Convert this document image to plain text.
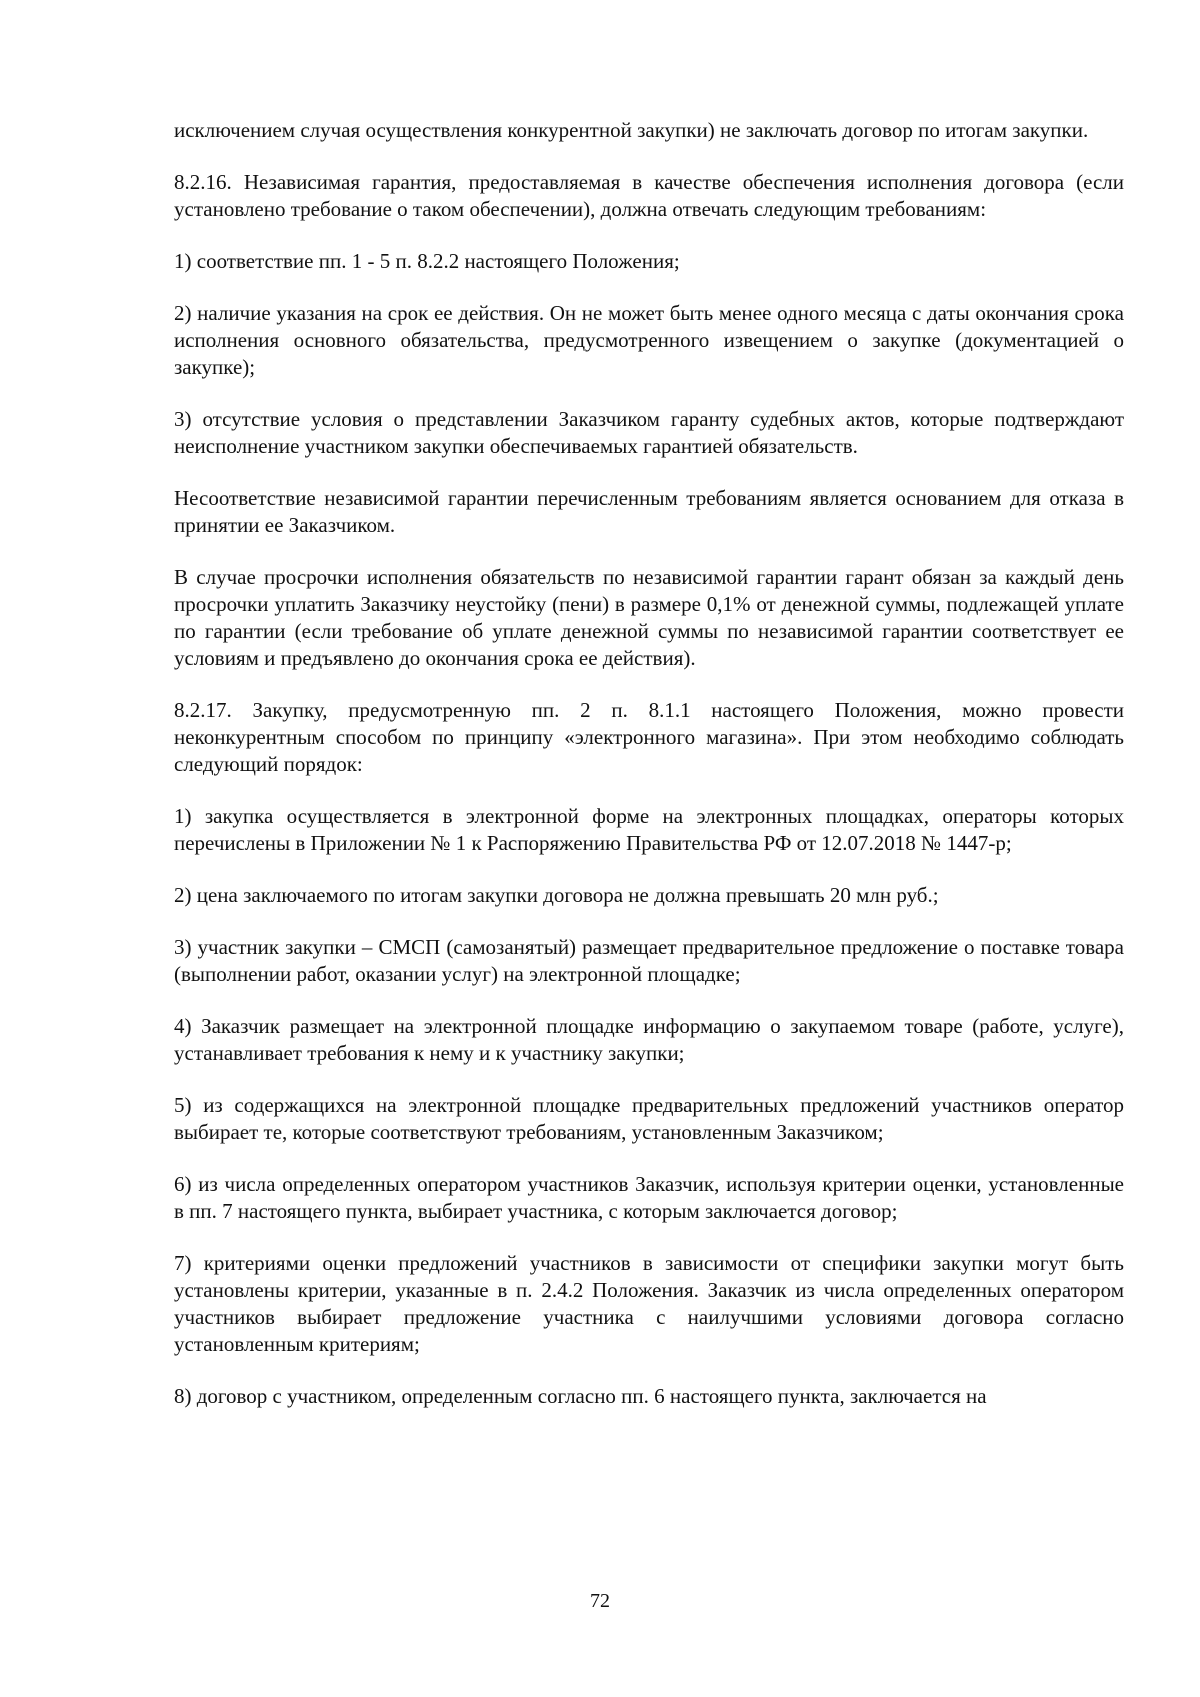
исключением случая осуществления конкурентной закупки) не заключать договор по итогам закупки.

8.2.16. Независимая гарантия, предоставляемая в качестве обеспечения исполнения договора (если установлено требование о таком обеспечении), должна отвечать следующим требованиям:

1) соответствие пп. 1 - 5 п. 8.2.2 настоящего Положения;

2) наличие указания на срок ее действия. Он не может быть менее одного месяца с даты окончания срока исполнения основного обязательства, предусмотренного извещением о закупке (документацией о закупке);

3) отсутствие условия о представлении Заказчиком гаранту судебных актов, которые подтверждают неисполнение участником закупки обеспечиваемых гарантией обязательств.

Несоответствие независимой гарантии перечисленным требованиям является основанием для отказа в принятии ее Заказчиком.

В случае просрочки исполнения обязательств по независимой гарантии гарант обязан за каждый день просрочки уплатить Заказчику неустойку (пени) в размере 0,1% от денежной суммы, подлежащей уплате по гарантии (если требование об уплате денежной суммы по независимой гарантии соответствует ее условиям и предъявлено до окончания срока ее действия).

8.2.17. Закупку, предусмотренную пп. 2 п. 8.1.1 настоящего Положения, можно провести неконкурентным способом по принципу «электронного магазина». При этом необходимо соблюдать следующий порядок:

1) закупка осуществляется в электронной форме на электронных площадках, операторы которых перечислены в Приложении № 1 к Распоряжению Правительства РФ от 12.07.2018 № 1447-р;

2) цена заключаемого по итогам закупки договора не должна превышать 20 млн руб.;

3) участник закупки – СМСП (самозанятый) размещает предварительное предложение о поставке товара (выполнении работ, оказании услуг) на электронной площадке;

4) Заказчик размещает на электронной площадке информацию о закупаемом товаре (работе, услуге), устанавливает требования к нему и к участнику закупки;

5) из содержащихся на электронной площадке предварительных предложений участников оператор выбирает те, которые соответствуют требованиям, установленным Заказчиком;

6) из числа определенных оператором участников Заказчик, используя критерии оценки, установленные в пп. 7 настоящего пункта, выбирает участника, с которым заключается договор;

7) критериями оценки предложений участников в зависимости от специфики закупки могут быть установлены критерии, указанные в п. 2.4.2 Положения. Заказчик из числа определенных оператором участников выбирает предложение участника с наилучшими условиями договора согласно установленным критериям;

8) договор с участником, определенным согласно пп. 6 настоящего пункта, заключается на

72
